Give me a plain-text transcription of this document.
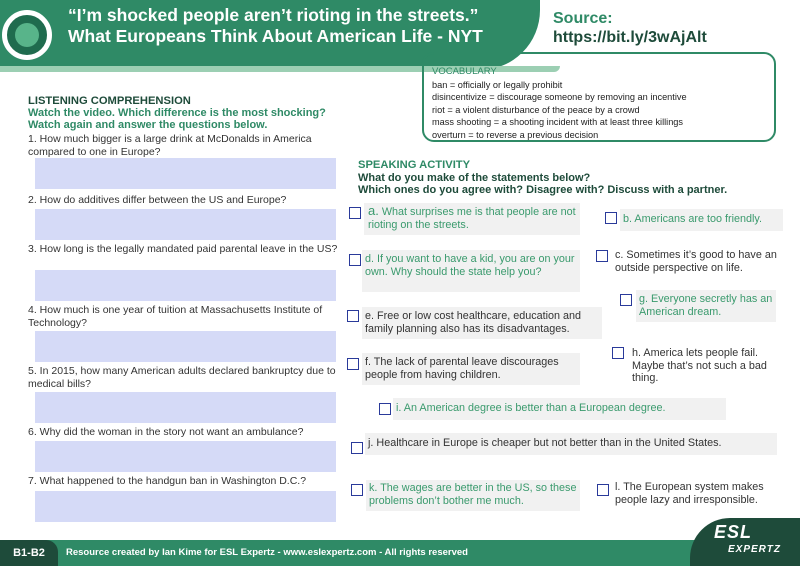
“I’m shocked people aren’t rioting in the streets.”
What Europeans Think About American Life - NYT
Source:
https://bit.ly/3wAjAlt
VOCABULARY
ban = officially or legally prohibit
disincentivize = discourage someone by removing an incentive
riot = a violent disturbance of the peace by a crowd
mass shooting = a shooting incident with at least three killings
overturn = to reverse a previous decision
LISTENING COMPREHENSION
Watch the video. Which difference is the most shocking?
Watch again and answer the questions below.
1. How much bigger is a large drink at McDonalds in America compared to one in Europe?
2. How do additives differ between the US and Europe?
3. How long is the legally mandated paid parental leave in the US?
4. How much is one year of tuition at Massachusetts Institute of Technology?
5. In 2015, how many American adults declared bankruptcy due to medical bills?
6. Why did the woman in the story not want an ambulance?
7. What happened to the handgun ban in Washington D.C.?
SPEAKING ACTIVITY
What do you make of the statements below?
Which ones do you agree with? Disagree with? Discuss with a partner.
a. What surprises me is that people are not rioting on the streets.	b. Americans are too friendly.
c. Sometimes it’s good to have an outside perspective on life.
d. If you want to have a kid, you are on your own. Why should the state help you?
g. Everyone secretly has an American dream.
e. Free or low cost healthcare, education and family planning also has its disadvantages.
h. America lets people fail. Maybe that’s not such a bad thing.
f. The lack of parental leave discourages people from having children.
i. An American degree is better than a European degree.
j. Healthcare in Europe is cheaper but not better than in the United States.
k. The wages are better in the US, so these problems don’t bother me much.
l. The European system makes people lazy and irresponsible.
B1-B2	Resource created by Ian Kime for ESL Expertz - www.eslexpertz.com - All rights reserved
ESL
EXPERTZ
